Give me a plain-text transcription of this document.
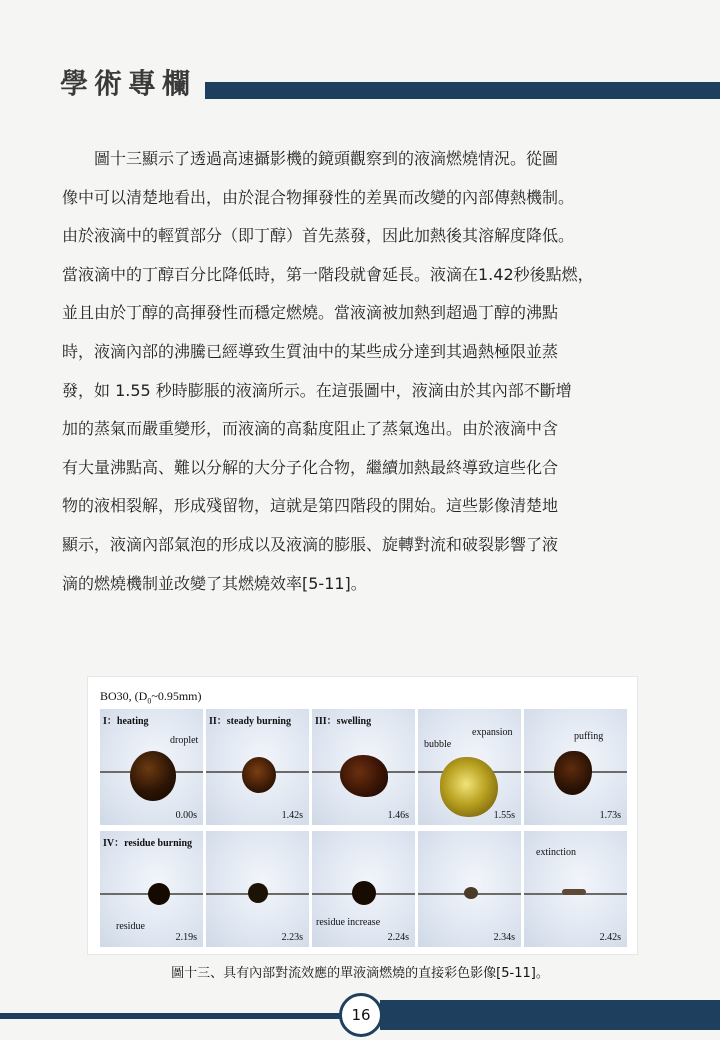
學術專欄
　　圖十三顯示了透過高速攝影機的鏡頭觀察到的液滴燃燒情況。從圖
像中可以清楚地看出，由於混合物揮發性的差異而改變的內部傳熱機制。
由於液滴中的輕質部分（即丁醇）首先蒸發，因此加熱後其溶解度降低。
當液滴中的丁醇百分比降低時，第一階段就會延長。液滴在1.42秒後點燃，
並且由於丁醇的高揮發性而穩定燃燒。當液滴被加熱到超過丁醇的沸點
時，液滴內部的沸騰已經導致生質油中的某些成分達到其過熱極限並蒸
發，如 1.55 秒時膨脹的液滴所示。在這張圖中，液滴由於其內部不斷增
加的蒸氣而嚴重變形，而液滴的高黏度阻止了蒸氣逸出。由於液滴中含
有大量沸點高、難以分解的大分子化合物，繼續加熱最終導致這些化合
物的液相裂解，形成殘留物，這就是第四階段的開始。這些影像清楚地
顯示，液滴內部氣泡的形成以及液滴的膨脹、旋轉對流和破裂影響了液
滴的燃燒機制並改變了其燃燒效率[5-11]。
BO30, $(D_0\sim 0.95mm)$
I：heating
droplet
0.00s
II：steady burning
1.42s
III：swelling
1.46s
bubble
expansion
1.55s
puffing
1.73s
IV：residue burning
residue
2.19s	2.23s
residue increase
2.24s	2.34s
extinction
2.42s
圖十三、具有內部對流效應的單液滴燃燒的直接彩色影像[5-11]。
16
